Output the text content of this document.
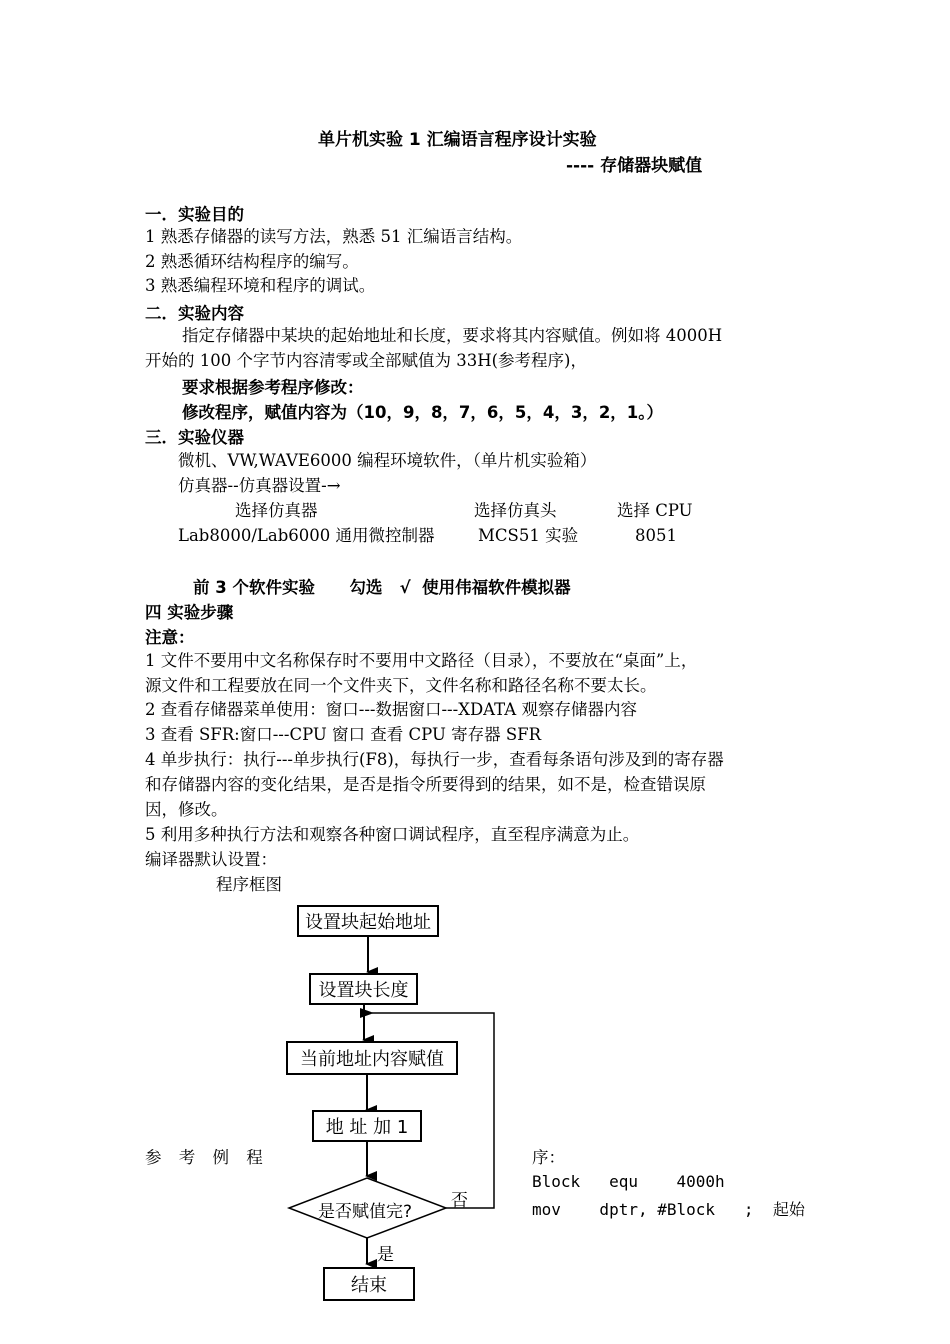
单片机实验 1 汇编语言程序设计实验
---- 存储器块赋值
一．实验目的
1 熟悉存储器的读写方法，熟悉 51 汇编语言结构。
2 熟悉循环结构程序的编写。
3 熟悉编程环境和程序的调试。
二．实验内容
指定存储器中某块的起始地址和长度，要求将其内容赋值。例如将 4000H
开始的 100 个字节内容清零或全部赋值为 33H(参考程序)，
要求根据参考程序修改：
修改程序，赋值内容为（10，9，8，7，6，5，4，3，2，1。）
三．实验仪器
微机、VW,WAVE6000 编程环境软件，（单片机实验箱）
仿真器--仿真器设置-→
选择仿真器	选择仿真头	选择 CPU
Lab8000/Lab6000 通用微控制器	MCS51 实验	8051
前 3 个软件实验      勾选   √  使用伟福软件模拟器
四 实验步骤
注意：
1 文件不要用中文名称保存时不要用中文路径（目录），不要放在“桌面”上，
源文件和工程要放在同一个文件夹下，文件名称和路径名称不要太长。
2 查看存储器菜单使用：窗口---数据窗口---XDATA 观察存储器内容
3 查看 SFR:窗口---CPU 窗口 查看 CPU 寄存器 SFR
4 单步执行：执行---单步执行(F8)，每执行一步，查看每条语句涉及到的寄存器
和存储器内容的变化结果，是否是指令所要得到的结果，如不是，检查错误原
因，修改。
5 利用多种执行方法和观察各种窗口调试程序，直至程序满意为止。
编译器默认设置：
程序框图
设置块起始地址
设置块长度
当前地址内容赋值
地 址 加 1
是否赋值完?
否
是
结束
参 考 例 程	序：
Block   equ    4000h
mov    dptr, #Block   ;  起始
